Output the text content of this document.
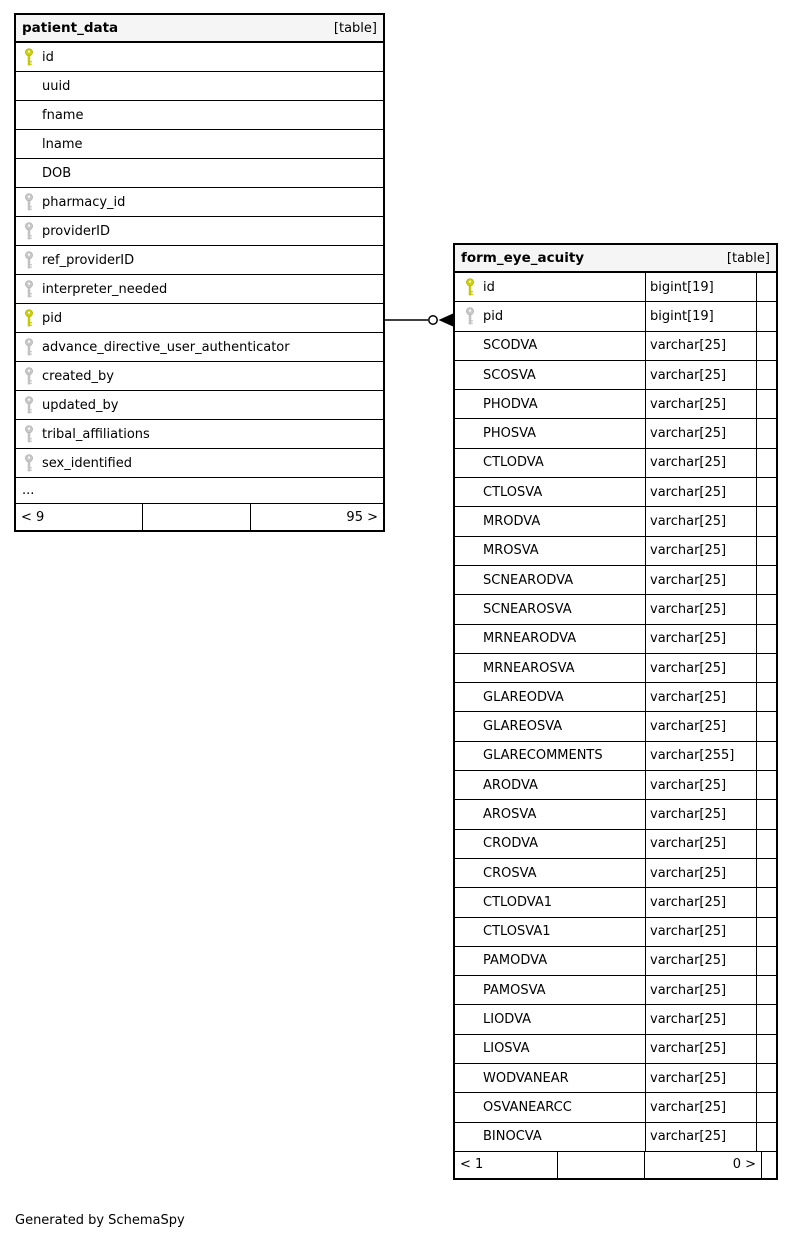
patient_data	[table]
id
uuid
fname
lname
DOB
pharmacy_id
providerID
ref_providerID
interpreter_needed
pid
advance_directive_user_authenticator
created_by
updated_by
tribal_affiliations
sex_identified
...
< 9	95 >
form_eye_acuity	[table]
id	bigint[19]
pid	bigint[19]
SCODVA	varchar[25]
SCOSVA	varchar[25]
PHODVA	varchar[25]
PHOSVA	varchar[25]
CTLODVA	varchar[25]
CTLOSVA	varchar[25]
MRODVA	varchar[25]
MROSVA	varchar[25]
SCNEARODVA	varchar[25]
SCNEAROSVA	varchar[25]
MRNEARODVA	varchar[25]
MRNEAROSVA	varchar[25]
GLAREODVA	varchar[25]
GLAREOSVA	varchar[25]
GLARECOMMENTS	varchar[255]
ARODVA	varchar[25]
AROSVA	varchar[25]
CRODVA	varchar[25]
CROSVA	varchar[25]
CTLODVA1	varchar[25]
CTLOSVA1	varchar[25]
PAMODVA	varchar[25]
PAMOSVA	varchar[25]
LIODVA	varchar[25]
LIOSVA	varchar[25]
WODVANEAR	varchar[25]
OSVANEARCC	varchar[25]
BINOCVA	varchar[25]
< 1	0 >
Generated by SchemaSpy
